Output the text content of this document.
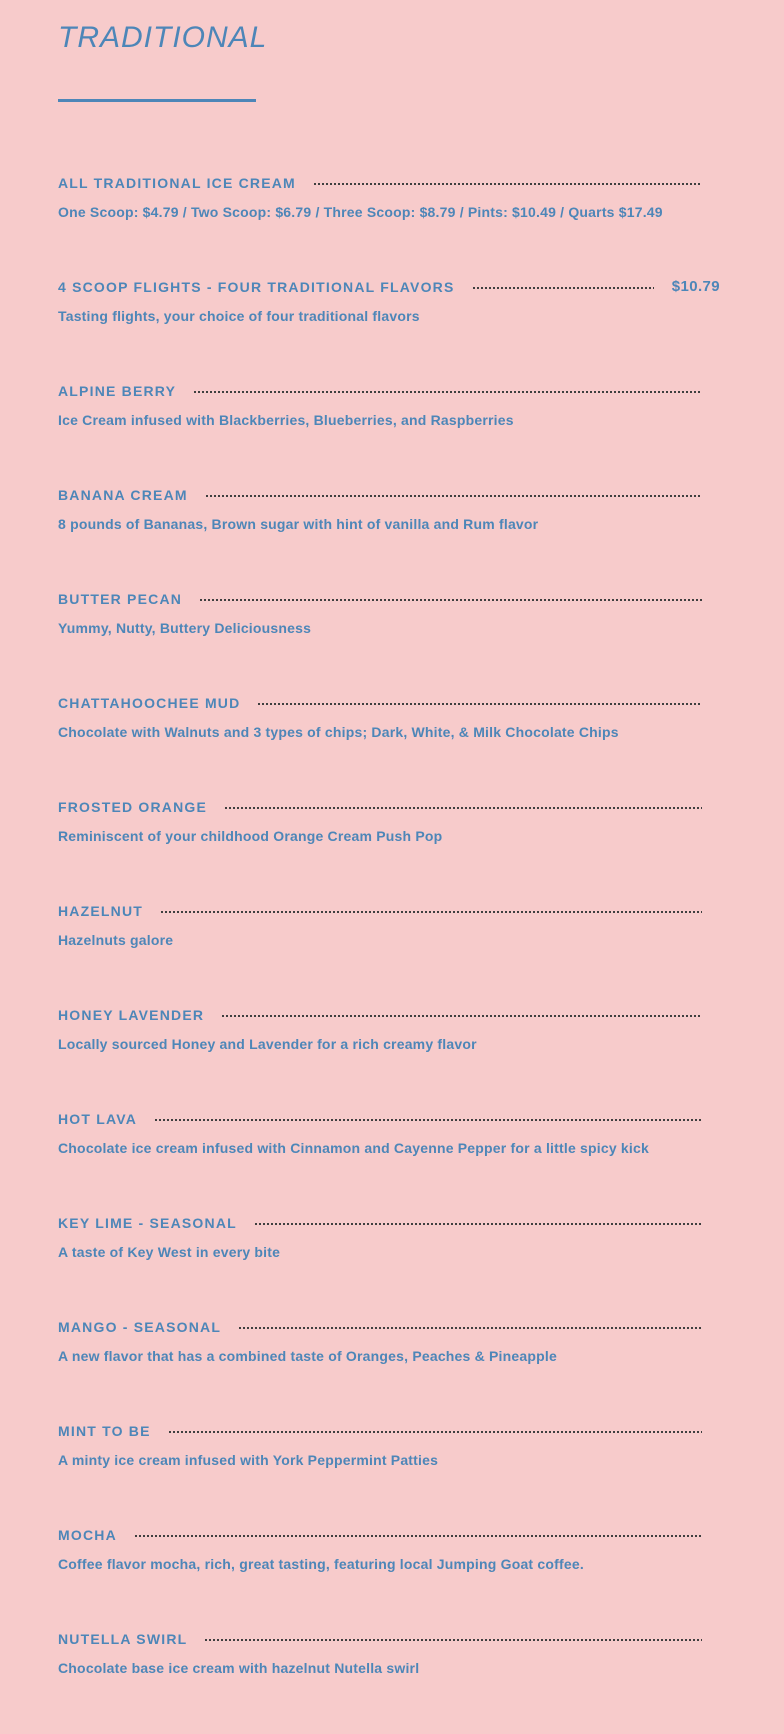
TRADITIONAL
ALL TRADITIONAL ICE CREAM
One Scoop: $4.79 / Two Scoop: $6.79 / Three Scoop: $8.79 / Pints: $10.49 / Quarts $17.49
4 SCOOP FLIGHTS - FOUR TRADITIONAL FLAVORS	$10.79
Tasting flights, your choice of four traditional flavors
ALPINE BERRY
Ice Cream infused with Blackberries, Blueberries, and Raspberries
BANANA CREAM
8 pounds of Bananas, Brown sugar with hint of vanilla and Rum flavor
BUTTER PECAN
Yummy, Nutty, Buttery Deliciousness
CHATTAHOOCHEE MUD
Chocolate with Walnuts and 3 types of chips; Dark, White, & Milk Chocolate Chips
FROSTED ORANGE
Reminiscent of your childhood Orange Cream Push Pop
HAZELNUT
Hazelnuts galore
HONEY LAVENDER
Locally sourced Honey and Lavender for a rich creamy flavor
HOT LAVA
Chocolate ice cream infused with Cinnamon and Cayenne Pepper for a little spicy kick
KEY LIME - SEASONAL
A taste of Key West in every bite
MANGO - SEASONAL
A new flavor that has a combined taste of Oranges, Peaches & Pineapple
MINT TO BE
A minty ice cream infused with York Peppermint Patties
MOCHA
Coffee flavor mocha, rich, great tasting, featuring local Jumping Goat coffee.
NUTELLA SWIRL
Chocolate base ice cream with hazelnut Nutella swirl
